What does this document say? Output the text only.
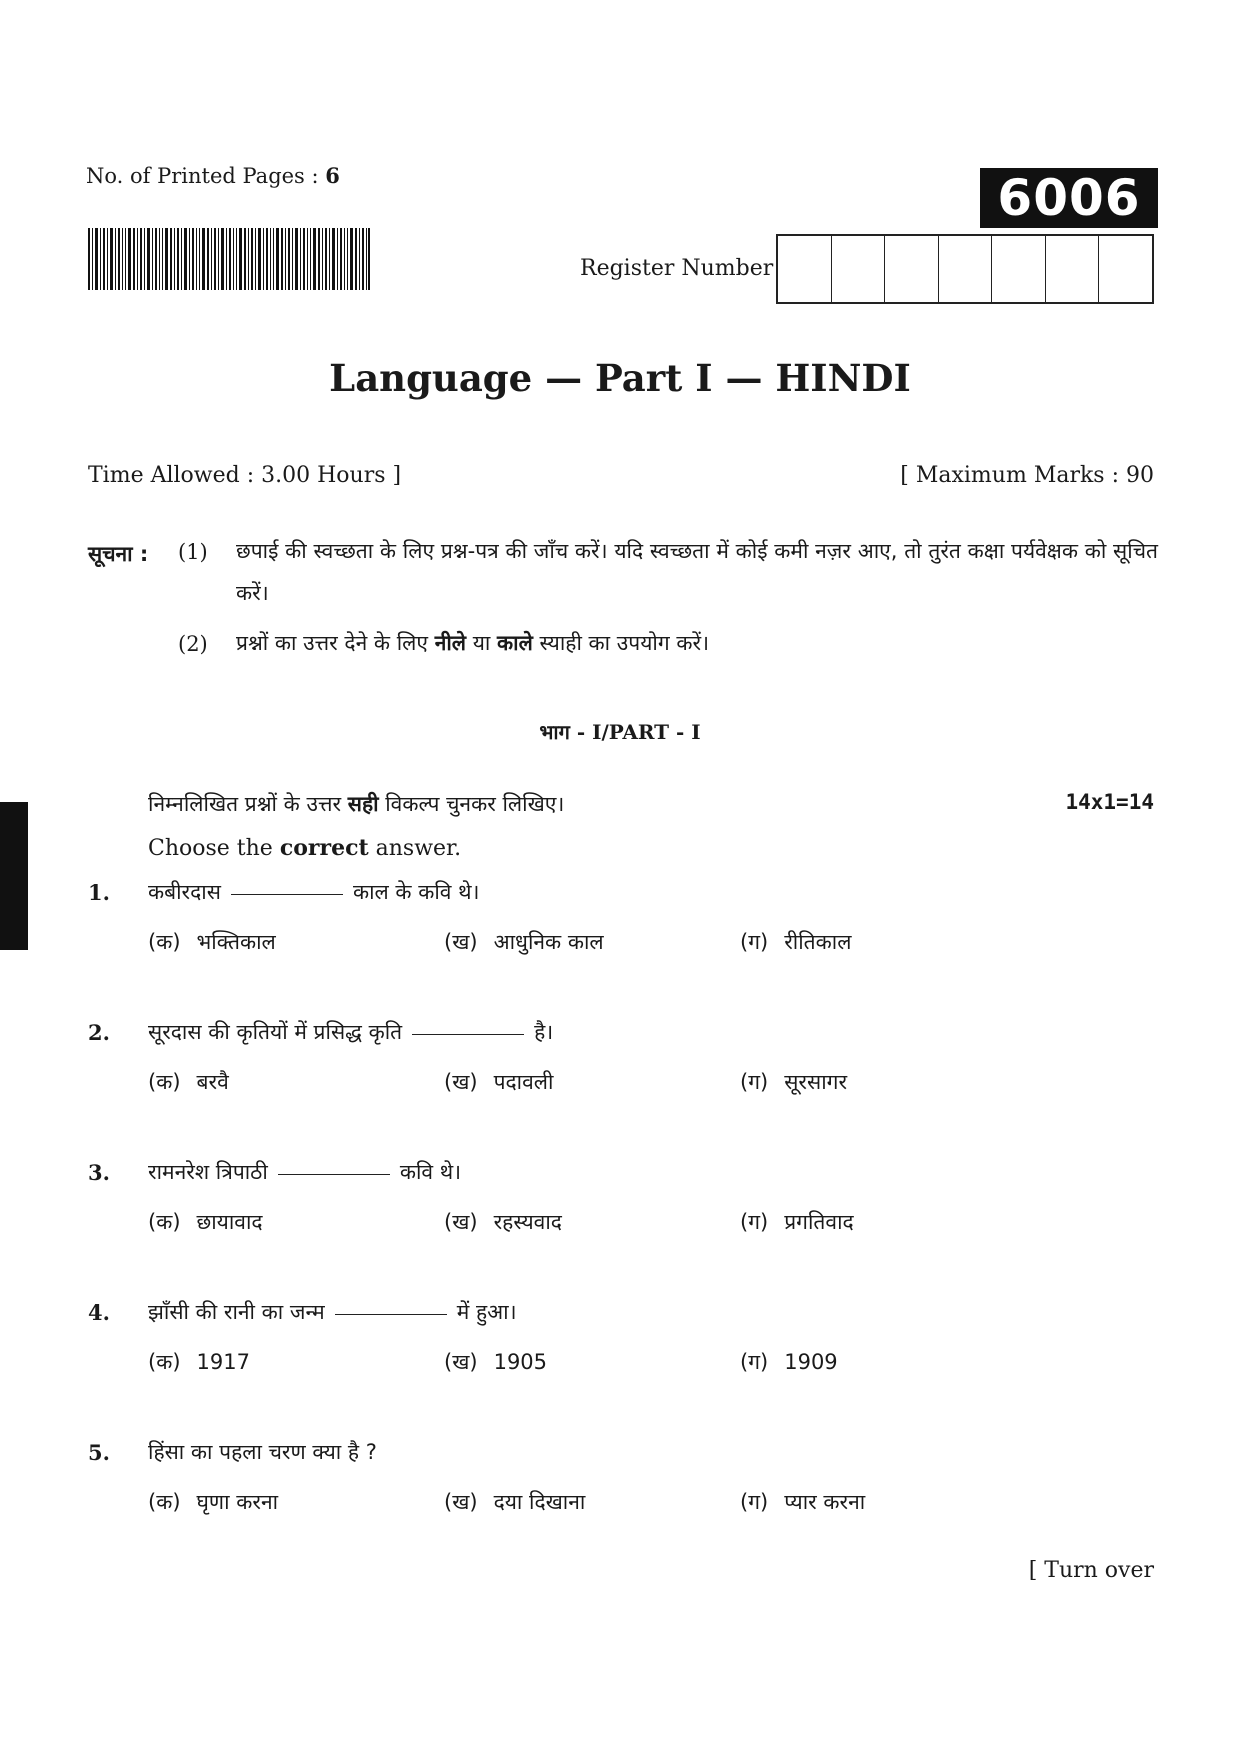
No. of Printed Pages : 6	6006
Register Number
Language — Part I — HINDI
Time Allowed : 3.00 Hours ]	[ Maximum Marks : 90
सूचना : (1) छपाई की स्वच्छता के लिए प्रश्न-पत्र की जाँच करें। यदि स्वच्छता में कोई कमी नज़र आए, तो तुरंत कक्षा पर्यवेक्षक को सूचित करें।
(2) प्रश्नों का उत्तर देने के लिए नीले या काले स्याही का उपयोग करें।
भाग - I/PART - I
निम्नलिखित प्रश्नों के उत्तर सही विकल्प चुनकर लिखिए।	14x1=14
Choose the correct answer.
1. कबीरदास	काल के कवि थे।
(क) भक्तिकाल	(ख) आधुनिक काल	(ग) रीतिकाल
2. सूरदास की कृतियों में प्रसिद्ध कृति	है।
(क) बरवै	(ख) पदावली	(ग) सूरसागर
3. रामनरेश त्रिपाठी	कवि थे।
(क) छायावाद	(ख) रहस्यवाद	(ग) प्रगतिवाद
4. झाँसी की रानी का जन्म	में हुआ।
(क) 1917	(ख) 1905	(ग) 1909
5. हिंसा का पहला चरण क्या है ?
(क) घृणा करना	(ख) दया दिखाना	(ग) प्यार करना
[ Turn over
